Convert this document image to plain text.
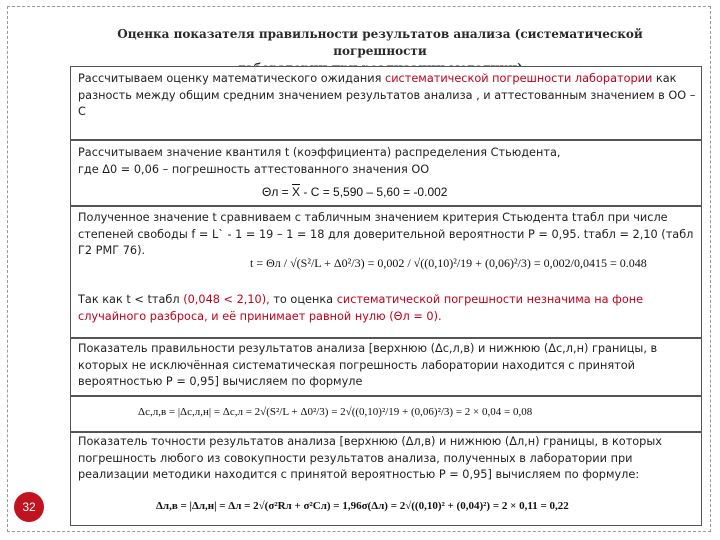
Оценка показателя правильности результатов анализа (систематической погрешности
Рассчитываем оценку математического ожидания систематической погрешности лаборатории как разность между общим средним значением результатов анализа , и аттестованным значением в ОО – С
Рассчитываем значение квантиля t (коэффициента) распределения Стьюдента,
где Δ0 = 0,06 – погрешность аттестованного значения ОО
$\Theta л = \overline{X} - С = 5,590 - 5,60 = -0.002$
Полученное значение t сравниваем с табличным значением критерия Стьюдента tтабл при числе степеней свободы f = L` - 1 = 19 – 1 = 18 для доверительной вероятности Р = 0,95. tтабл = 2,10 (табл Г2 РМГ 76).
t = Θл / √(S²/L + Δ0²/3) = 0,002 / √((0,10)²/19 + (0,06)²/3) = 0,002/0,0415 = 0.048
Так как t < tтабл (0,048 < 2,10), то оценка систематической погрешности незначима на фоне случайного разброса, и её принимает равной нулю (Θл = 0).
Показатель правильности результатов анализа [верхнюю (Δс,л,в) и нижнюю (Δс,л,н) границы, в которых не исключённая систематическая погрешность лаборатории находится с принятой вероятностью Р = 0,95] вычисляем по формуле
Δс,л,в = |Δс,л,н| = Δс,л = 2√(S²/L + Δ0²/3) = 2√((0,10)²/19 + (0,06)²/3) = 2 × 0,04 = 0,08
Показатель точности результатов анализа [верхнюю (Δл,в) и нижнюю (Δл,н) границы, в которых погрешность любого из совокупности результатов анализа, полученных в лаборатории при реализации методики находится с принятой вероятностью Р = 0,95] вычисляем по формуле:
Δл,в = |Δл,н| = Δл = 2√(σ²Rл + σ²Сл) = 1,96σ(Δл) = 2√((0,10)² + (0,04)²) = 2 × 0,11 = 0,22
32
